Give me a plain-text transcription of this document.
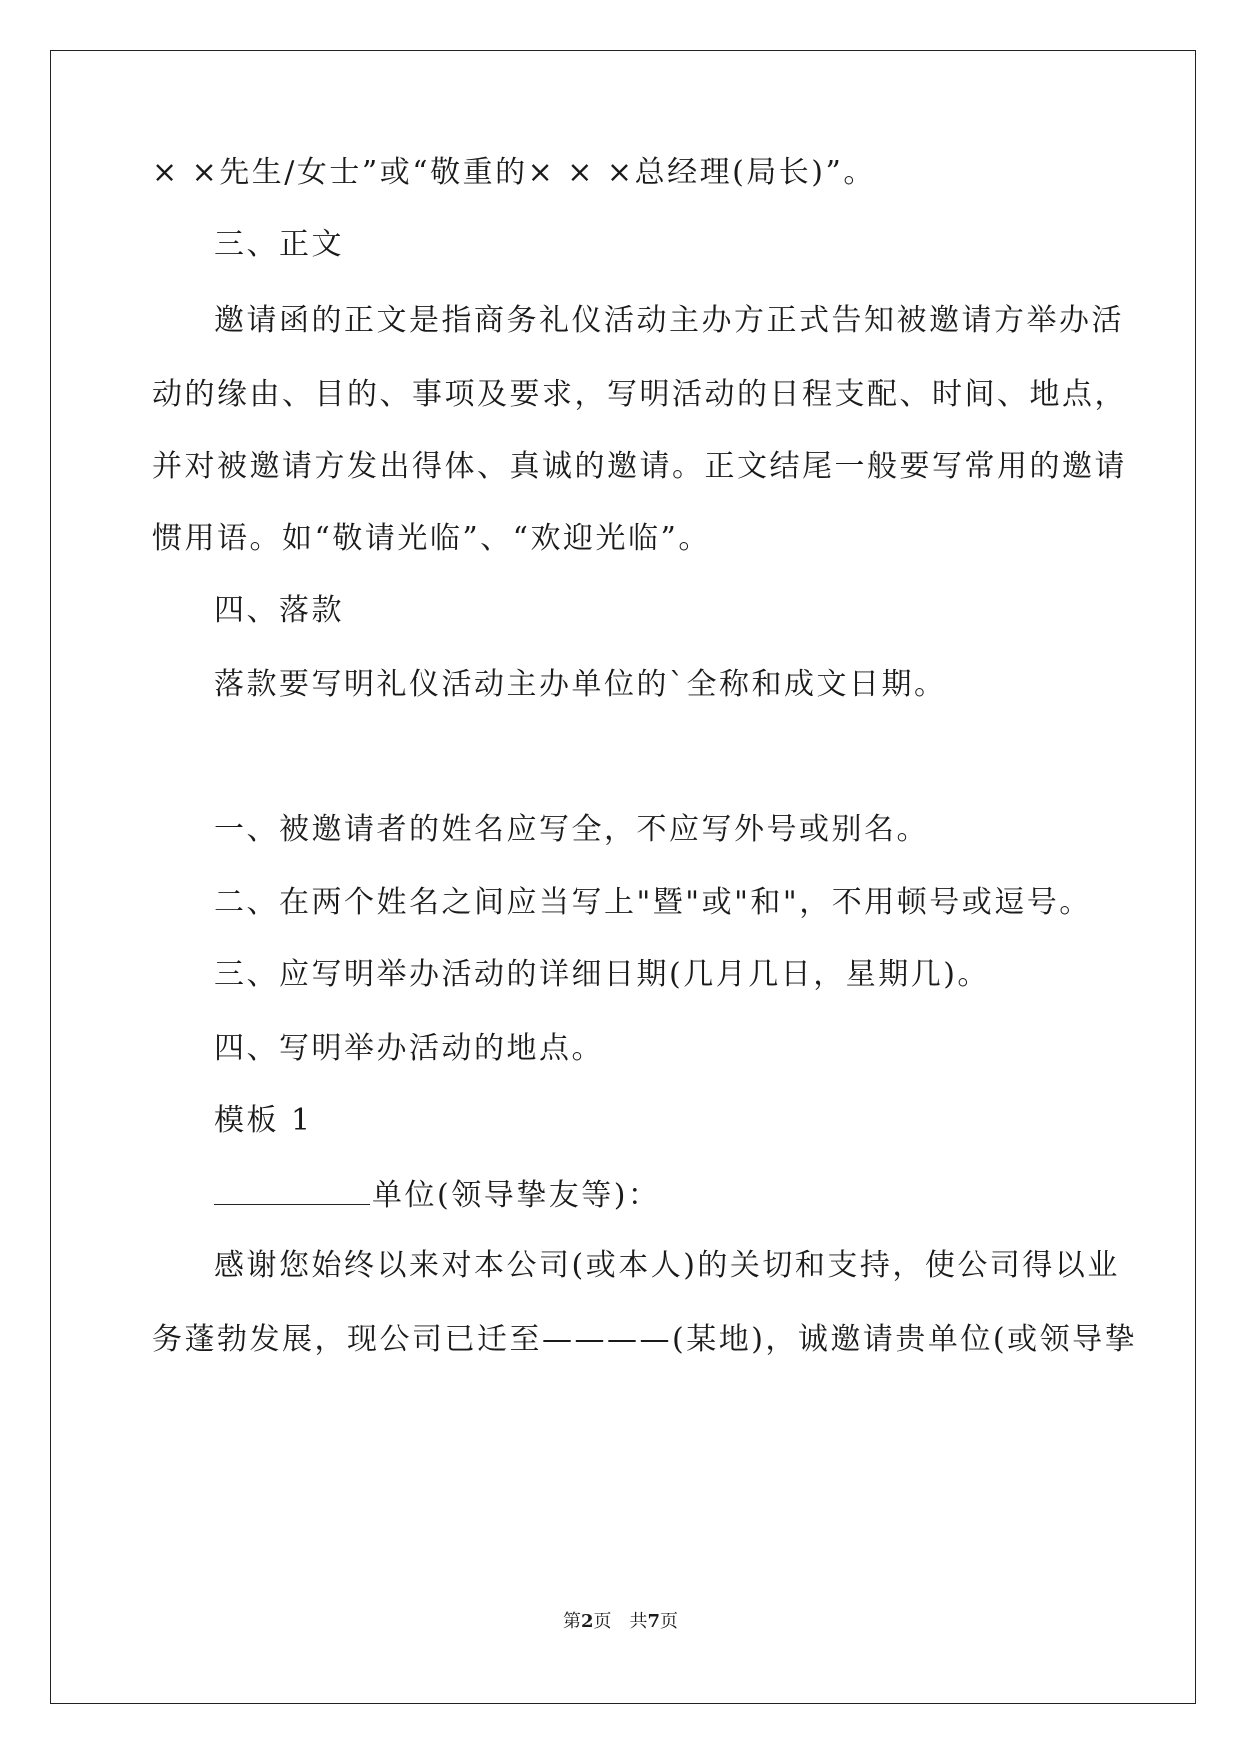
× ×先生/女士”或“敬重的× × ×总经理(局长)”。
三、正文
邀请函的正文是指商务礼仪活动主办方正式告知被邀请方举办活
动的缘由、目的、事项及要求，写明活动的日程支配、时间、地点，
并对被邀请方发出得体、真诚的邀请。正文结尾一般要写常用的邀请
惯用语。如“敬请光临”、“欢迎光临”。
四、落款
落款要写明礼仪活动主办单位的`全称和成文日期。
一、被邀请者的姓名应写全，不应写外号或别名。
二、在两个姓名之间应当写上"暨"或"和"，不用顿号或逗号。
三、应写明举办活动的详细日期(几月几日，星期几)。
四、写明举办活动的地点。
模板 1
单位(领导挚友等)：
感谢您始终以来对本公司(或本人)的关切和支持，使公司得以业
务蓬勃发展，现公司已迁至————(某地)，诚邀请贵单位(或领导挚
第2页 共7页
